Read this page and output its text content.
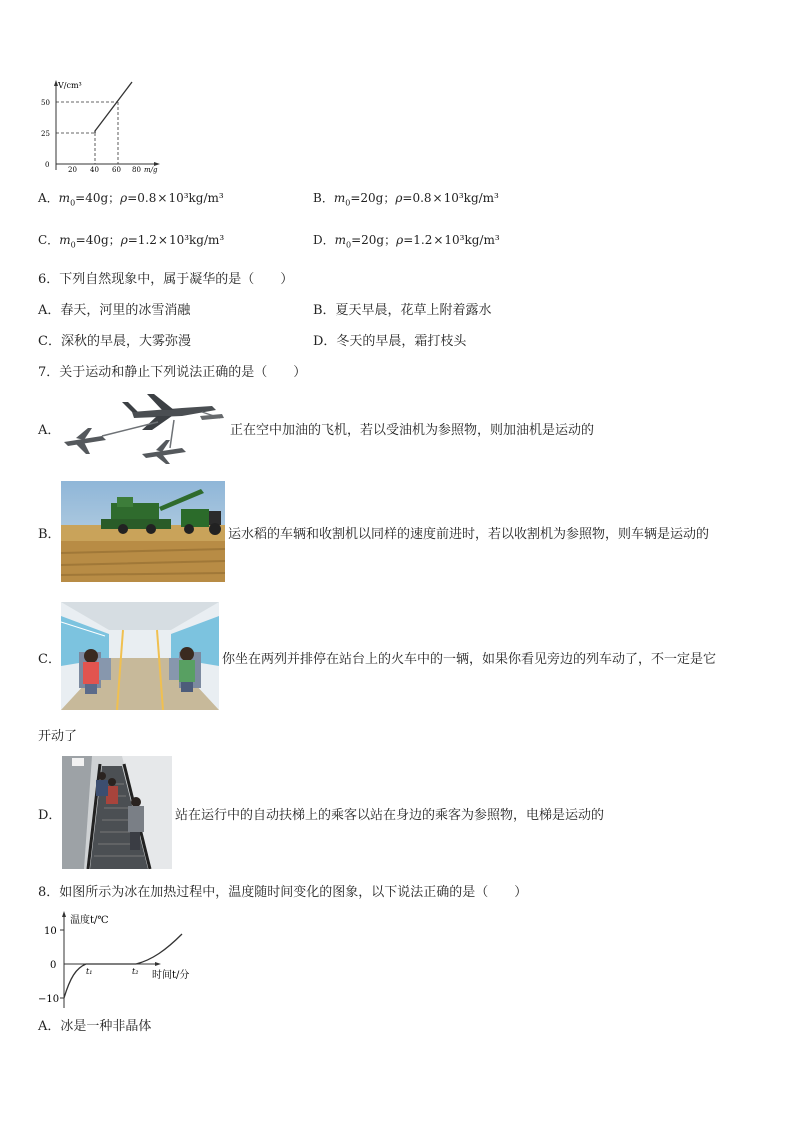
V/cm³
50
25
0
20 40 60 80 m/g
A．$m_0=40g$；ρ=0.8×10³kg/m³	B．$m_0=20g$；ρ=0.8×10³kg/m³
C．$m_0=40g$；ρ=1.2×10³kg/m³	D．$m_0=20g$；ρ=1.2×10³kg/m³
6．下列自然现象中，属于凝华的是（　　）
A．春天，河里的冰雪消融	B．夏天早晨，花草上附着露水
C．深秋的早晨，大雾弥漫	D．冬天的早晨，霜打枝头
7．关于运动和静止下列说法正确的是（　　）
A．	正在空中加油的飞机，若以受油机为参照物，则加油机是运动的
B．	运水稻的车辆和收割机以同样的速度前进时，若以收割机为参照物，则车辆是运动的
C．	你坐在两列并排停在站台上的火车中的一辆，如果你看见旁边的列车动了，不一定是它
开动了
D．	站在运行中的自动扶梯上的乘客以站在身边的乘客为参照物，电梯是运动的
8．如图所示为冰在加热过程中，温度随时间变化的图象，以下说法正确的是（　　）
温度t/℃
10
0
−10
t₁	t₂ 时间t/分
A．冰是一种非晶体
